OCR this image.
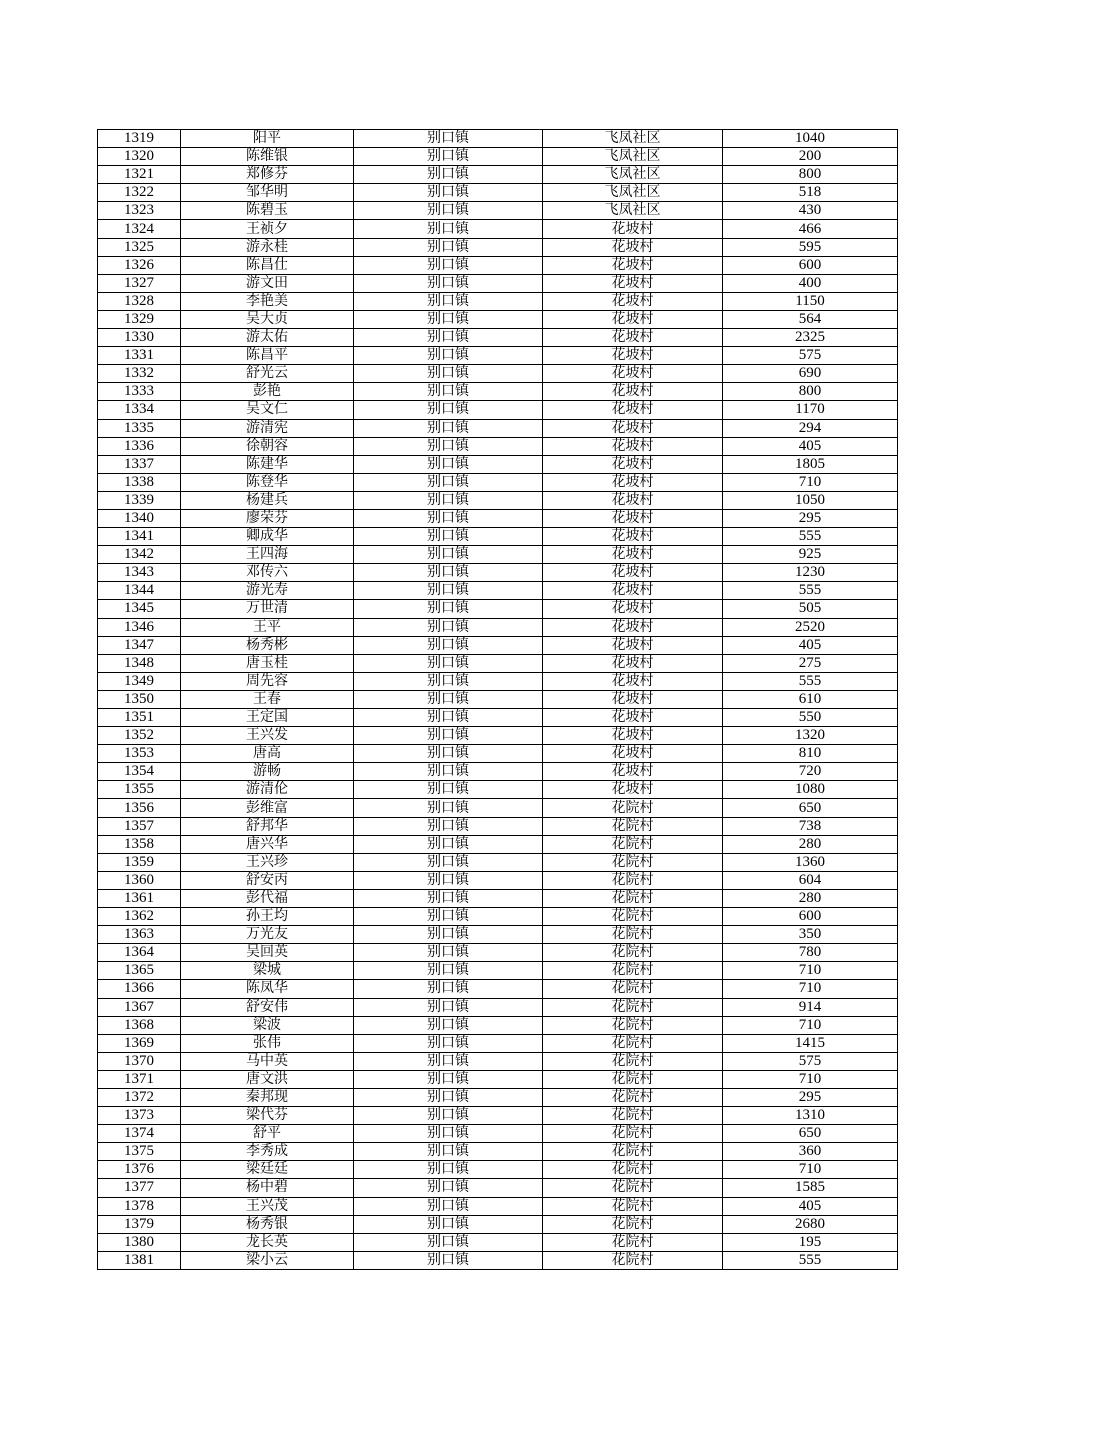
1319	阳平	别口镇	飞凤社区	1040
1320	陈维银	别口镇	飞凤社区	200
1321	郑修芬	别口镇	飞凤社区	800
1322	邹华明	别口镇	飞凤社区	518
1323	陈碧玉	别口镇	飞凤社区	430
1324	王祯夕	别口镇	花坡村	466
1325	游永桂	别口镇	花坡村	595
1326	陈昌仕	别口镇	花坡村	600
1327	游文田	别口镇	花坡村	400
1328	李艳美	别口镇	花坡村	1150
1329	吴大贞	别口镇	花坡村	564
1330	游太佑	别口镇	花坡村	2325
1331	陈昌平	别口镇	花坡村	575
1332	舒光云	别口镇	花坡村	690
1333	彭艳	别口镇	花坡村	800
1334	吴文仁	别口镇	花坡村	1170
1335	游清宪	别口镇	花坡村	294
1336	徐朝容	别口镇	花坡村	405
1337	陈建华	别口镇	花坡村	1805
1338	陈登华	别口镇	花坡村	710
1339	杨建兵	别口镇	花坡村	1050
1340	廖荣芬	别口镇	花坡村	295
1341	卿成华	别口镇	花坡村	555
1342	王四海	别口镇	花坡村	925
1343	邓传六	别口镇	花坡村	1230
1344	游光寿	别口镇	花坡村	555
1345	万世清	别口镇	花坡村	505
1346	王平	别口镇	花坡村	2520
1347	杨秀彬	别口镇	花坡村	405
1348	唐玉桂	别口镇	花坡村	275
1349	周先容	别口镇	花坡村	555
1350	王春	别口镇	花坡村	610
1351	王定国	别口镇	花坡村	550
1352	王兴发	别口镇	花坡村	1320
1353	唐高	别口镇	花坡村	810
1354	游畅	别口镇	花坡村	720
1355	游清伦	别口镇	花坡村	1080
1356	彭维富	别口镇	花院村	650
1357	舒邦华	别口镇	花院村	738
1358	唐兴华	别口镇	花院村	280
1359	王兴珍	别口镇	花院村	1360
1360	舒安丙	别口镇	花院村	604
1361	彭代福	别口镇	花院村	280
1362	孙王均	别口镇	花院村	600
1363	万光友	别口镇	花院村	350
1364	吴回英	别口镇	花院村	780
1365	梁城	别口镇	花院村	710
1366	陈凤华	别口镇	花院村	710
1367	舒安伟	别口镇	花院村	914
1368	梁波	别口镇	花院村	710
1369	张伟	别口镇	花院村	1415
1370	马中英	别口镇	花院村	575
1371	唐文洪	别口镇	花院村	710
1372	秦邦现	别口镇	花院村	295
1373	梁代芬	别口镇	花院村	1310
1374	舒平	别口镇	花院村	650
1375	李秀成	别口镇	花院村	360
1376	梁廷廷	别口镇	花院村	710
1377	杨中碧	别口镇	花院村	1585
1378	王兴茂	别口镇	花院村	405
1379	杨秀银	别口镇	花院村	2680
1380	龙长英	别口镇	花院村	195
1381	梁小云	别口镇	花院村	555
